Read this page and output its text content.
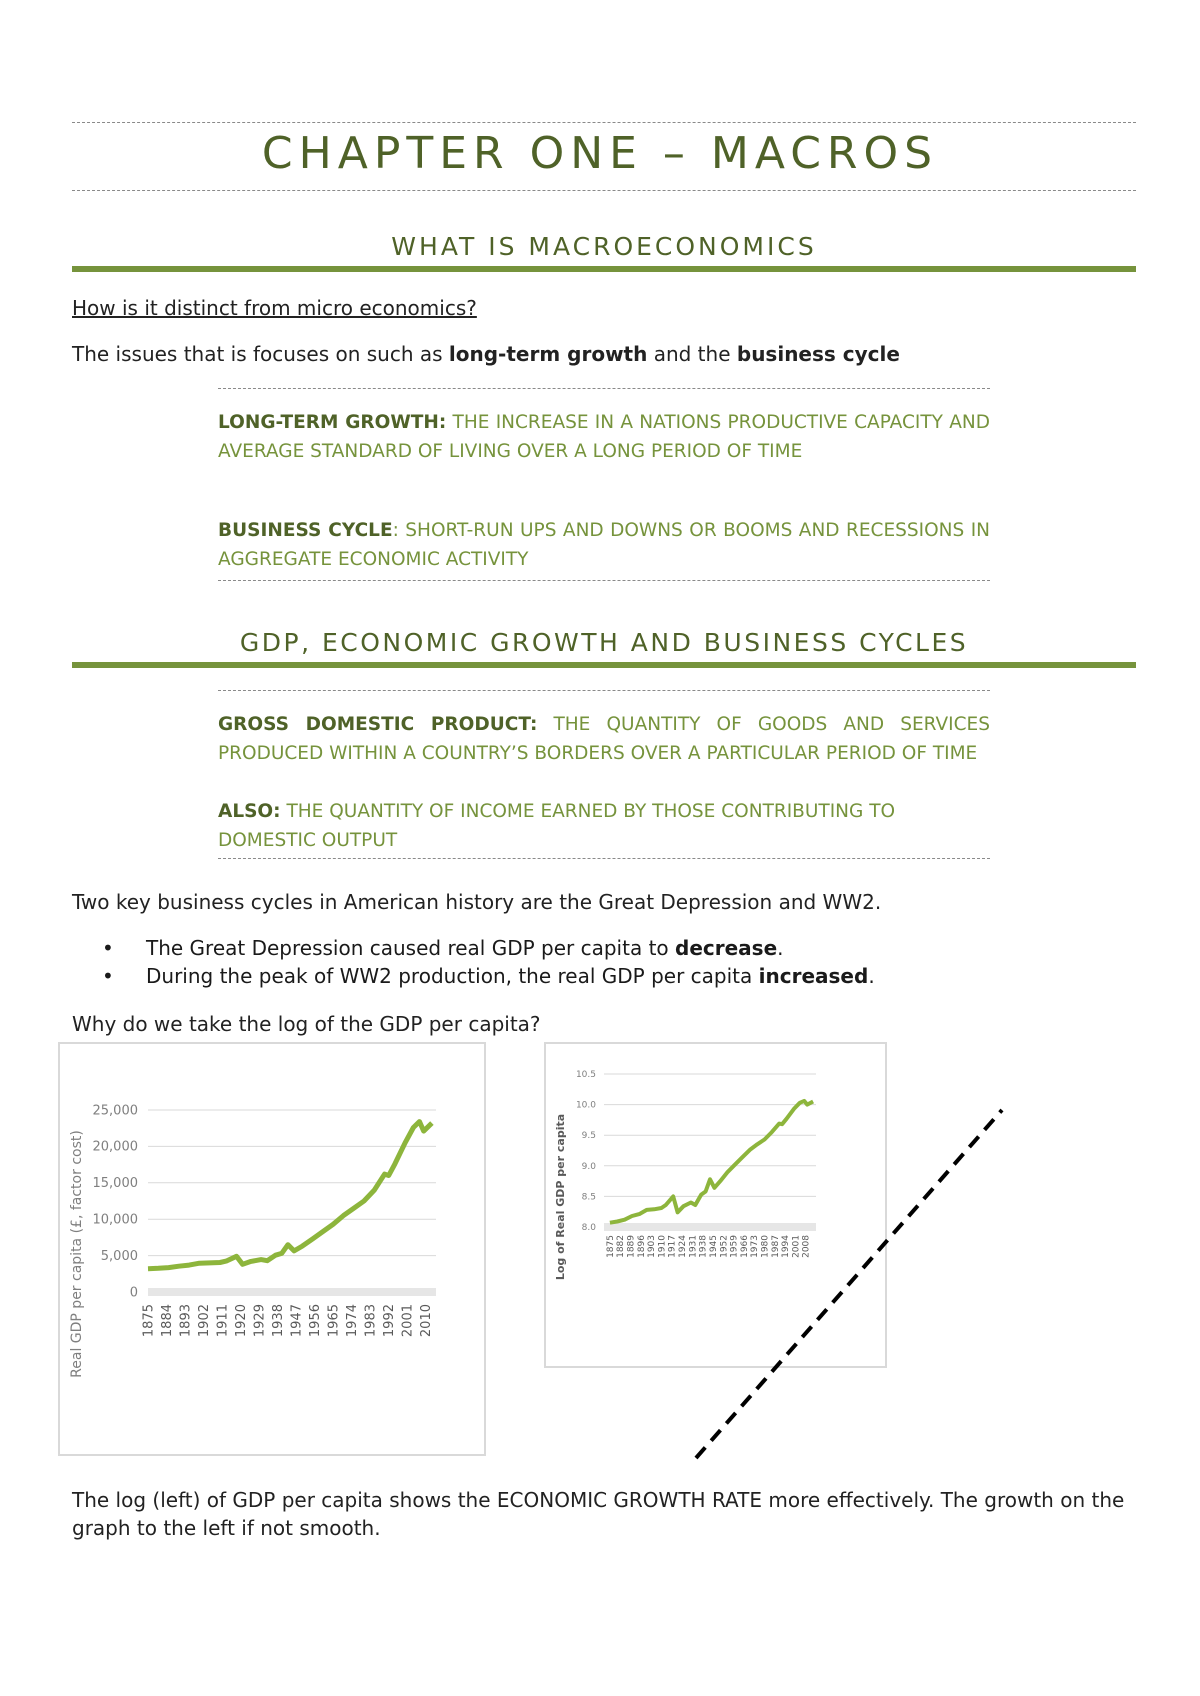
CHAPTER ONE – MACROS
WHAT IS MACROECONOMICS
How is it distinct from micro economics?
The issues that is focuses on such as long-term growth and the business cycle
LONG-TERM GROWTH: THE INCREASE IN A NATIONS PRODUCTIVE CAPACITY AND AVERAGE STANDARD OF LIVING OVER A LONG PERIOD OF TIME
BUSINESS CYCLE: SHORT-RUN UPS AND DOWNS OR BOOMS AND RECESSIONS IN AGGREGATE ECONOMIC ACTIVITY
GDP, ECONOMIC GROWTH AND BUSINESS CYCLES
GROSS DOMESTIC PRODUCT: THE QUANTITY OF GOODS AND SERVICES PRODUCED WITHIN A COUNTRY’S BORDERS OVER A PARTICULAR PERIOD OF TIME
ALSO: THE QUANTITY OF INCOME EARNED BY THOSE CONTRIBUTING TO DOMESTIC OUTPUT
Two key business cycles in American history are the Great Depression and WW2.
• The Great Depression caused real GDP per capita to decrease.
• During the peak of WW2 production, the real GDP per capita increased.
Why do we take the log of the GDP per capita?
0
5,000
10,000
15,000
20,000
25,000
1875 1884 1893 1902 1911 1920 1929 1938 1947 1956 1965 1974 1983 1992 2001 2010
Real GDP per capita (£, factor cost)	8.0
8.5
9.0
9.5
10.0
10.5
1875 1882 1889 1896 1903 1910 1917 1924 1931 1938 1945 1952 1959 1966 1973 1980 1987 1994 2001 2008
Log of Real GDP per capita
The log (left) of GDP per capita shows the ECONOMIC GROWTH RATE more effectively. The growth on the graph to the left if not smooth.
